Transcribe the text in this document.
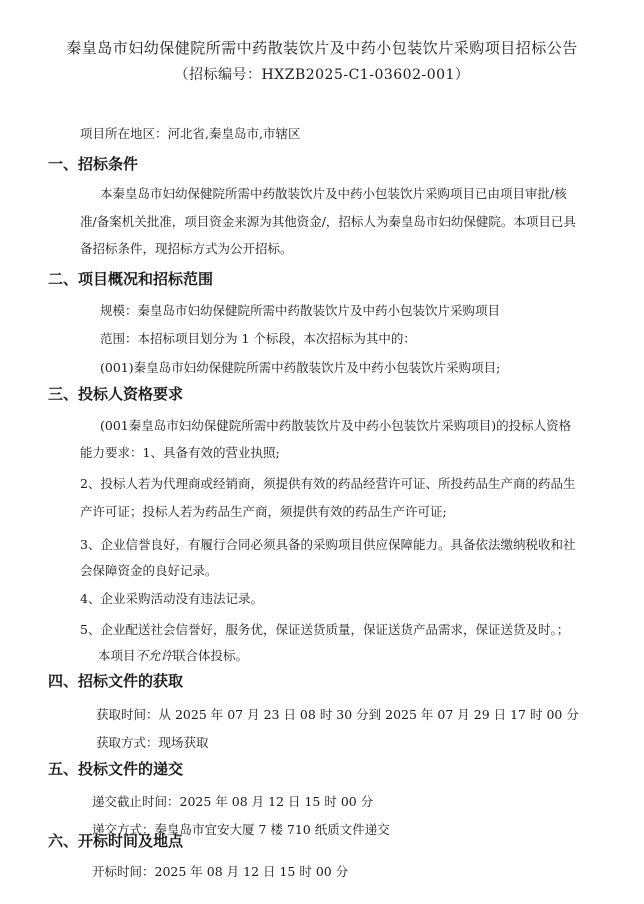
秦皇岛市妇幼保健院所需中药散装饮片及中药小包装饮片采购项目招标公告
（招标编号：HXZB2025-C1-03602-001）
项目所在地区：河北省,秦皇岛市,市辖区
一、招标条件
本秦皇岛市妇幼保健院所需中药散装饮片及中药小包装饮片采购项目已由项目审批/核
准/备案机关批准，项目资金来源为其他资金/，招标人为秦皇岛市妇幼保健院。本项目已具
备招标条件，现招标方式为公开招标。
二、项目概况和招标范围
规模：秦皇岛市妇幼保健院所需中药散装饮片及中药小包装饮片采购项目
范围：本招标项目划分为 1 个标段，本次招标为其中的：
(001)秦皇岛市妇幼保健院所需中药散装饮片及中药小包装饮片采购项目;
三、投标人资格要求
(001秦皇岛市妇幼保健院所需中药散装饮片及中药小包装饮片采购项目)的投标人资格
能力要求：1、具备有效的营业执照;
2、投标人若为代理商或经销商，须提供有效的药品经营许可证、所投药品生产商的药品生
产许可证；投标人若为药品生产商，须提供有效的药品生产许可证;
3、企业信誉良好，有履行合同必须具备的采购项目供应保障能力。具备依法缴纳税收和社
会保障资金的良好记录。
4、企业采购活动没有违法记录。
5、企业配送社会信誉好，服务优，保证送货质量，保证送货产品需求，保证送货及时。；
本项目不允许联合体投标。
四、招标文件的获取
获取时间：从 2025 年 07 月 23 日 08 时 30 分到 2025 年 07 月 29 日 17 时 00 分
获取方式：现场获取
五、投标文件的递交
递交截止时间：2025 年 08 月 12 日 15 时 00 分
递交方式：秦皇岛市宜安大厦 7 楼 710 纸质文件递交
六、开标时间及地点
开标时间：2025 年 08 月 12 日 15 时 00 分
